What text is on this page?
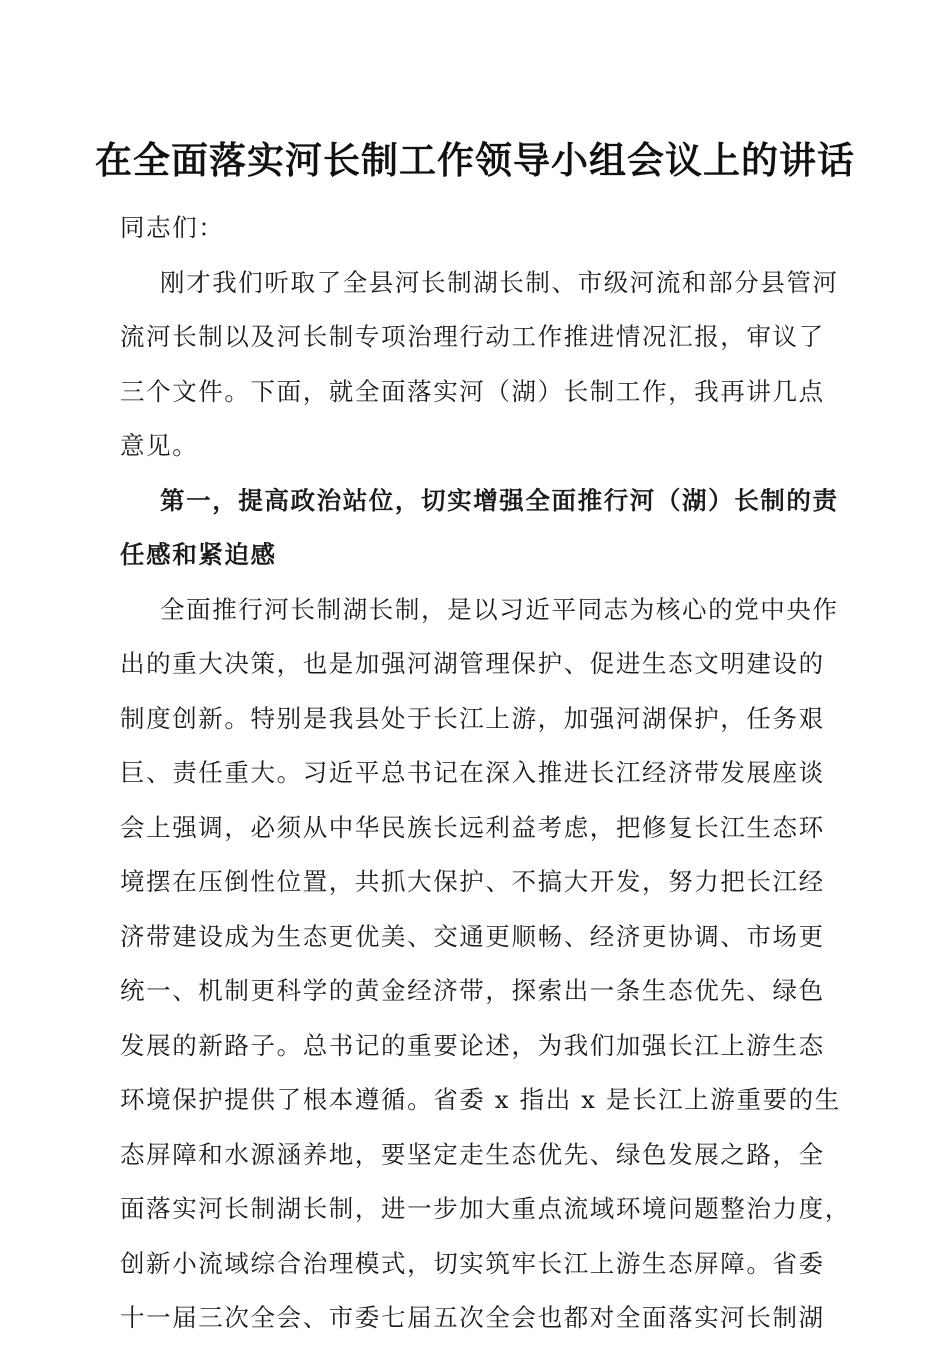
在全面落实河长制工作领导小组会议上的讲话
同志们：
刚才我们听取了全县河长制湖长制、市级河流和部分县管河
流河长制以及河长制专项治理行动工作推进情况汇报，审议了
三个文件。下面，就全面落实河（湖）长制工作，我再讲几点
意见。
第一，提高政治站位，切实增强全面推行河（湖）长制的责
任感和紧迫感
全面推行河长制湖长制，是以习近平同志为核心的党中央作
出的重大决策，也是加强河湖管理保护、促进生态文明建设的
制度创新。特别是我县处于长江上游，加强河湖保护，任务艰
巨、责任重大。习近平总书记在深入推进长江经济带发展座谈
会上强调，必须从中华民族长远利益考虑，把修复长江生态环
境摆在压倒性位置，共抓大保护、不搞大开发，努力把长江经
济带建设成为生态更优美、交通更顺畅、经济更协调、市场更
统一、机制更科学的黄金经济带，探索出一条生态优先、绿色
发展的新路子。总书记的重要论述，为我们加强长江上游生态
环境保护提供了根本遵循。省委 x 指出 x 是长江上游重要的生
态屏障和水源涵养地，要坚定走生态优先、绿色发展之路，全
面落实河长制湖长制，进一步加大重点流域环境问题整治力度，
创新小流域综合治理模式，切实筑牢长江上游生态屏障。省委
十一届三次全会、市委七届五次全会也都对全面落实河长制湖
